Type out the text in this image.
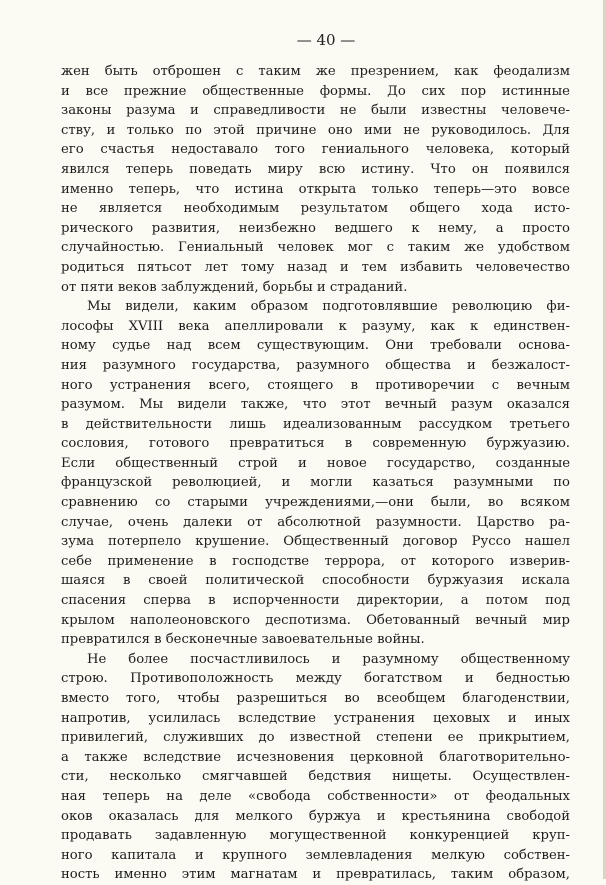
— 40 —
жен быть отброшен с таким же презрением, как феодализм
и все прежние общественные формы. До сих пор истинные
законы разума и справедливости не были известны человече-
ству, и только по этой причине оно ими не руководилось. Для
его счастья недоставало того гениального человека, который
явился теперь поведать миру всю истину. Что он появился
именно теперь, что истина открыта только теперь—это вовсе
не является необходимым результатом общего хода исто-
рического развития, неизбежно ведшего к нему, а просто
случайностью. Гениальный человек мог с таким же удобством
родиться пятьсот лет тому назад и тем избавить человечество
от пяти веков заблуждений, борьбы и страданий.
Мы видели, каким образом подготовлявшие революцию фи-
лософы XVIII века апеллировали к разуму, как к единствен-
ному судье над всем существующим. Они требовали основа-
ния разумного государства, разумного общества и безжалост-
ного устранения всего, стоящего в противоречии с вечным
разумом. Мы видели также, что этот вечный разум оказался
в действительности лишь идеализованным рассудком третьего
сословия, готового превратиться в современную буржуазию.
Если общественный строй и новое государство, созданные
французской революцией, и могли казаться разумными по
сравнению со старыми учреждениями,—они были, во всяком
случае, очень далеки от абсолютной разумности. Царство ра-
зума потерпело крушение. Общественный договор Руссо нашел
себе применение в господстве террора, от которого изверив-
шаяся в своей политической способности буржуазия искала
спасения сперва в испорченности директории, а потом под
крылом наполеоновского деспотизма. Обетованный вечный мир
превратился в бесконечные завоевательные войны.
Не более посчастливилось и разумному общественному
строю. Противоположность между богатством и бедностью
вместо того, чтобы разрешиться во всеобщем благоденствии,
напротив, усилилась вследствие устранения цеховых и иных
привилегий, служивших до известной степени ее прикрытием,
а также вследствие исчезновения церковной благотворительно-
сти, несколько смягчавшей бедствия нищеты. Осуществлен-
ная теперь на деле «свобода собственности» от феодальных
оков оказалась для мелкого буржуа и крестьянина свободой
продавать задавленную могущественной конкуренцией круп-
ного капитала и крупного землевладения мелкую собствен-
ность именно этим магнатам и превратилась, таким образом,
